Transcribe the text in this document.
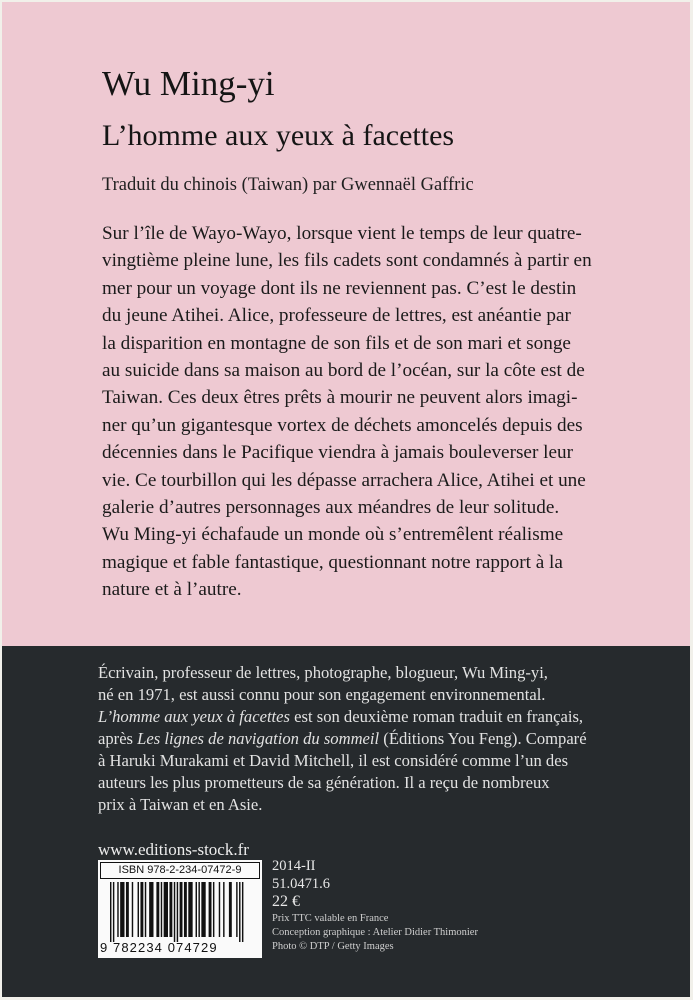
Wu Ming-yi
L’homme aux yeux à facettes
Traduit du chinois (Taiwan) par Gwennaël Gaffric
Sur l’île de Wayo-Wayo, lorsque vient le temps de leur quatre-
vingtième pleine lune, les fils cadets sont condamnés à partir en
mer pour un voyage dont ils ne reviennent pas. C’est le destin
du jeune Atihei. Alice, professeure de lettres, est anéantie par
la disparition en montagne de son fils et de son mari et songe
au suicide dans sa maison au bord de l’océan, sur la côte est de
Taiwan. Ces deux êtres prêts à mourir ne peuvent alors imagi-
ner qu’un gigantesque vortex de déchets amoncelés depuis des
décennies dans le Pacifique viendra à jamais bouleverser leur
vie. Ce tourbillon qui les dépasse arrachera Alice, Atihei et une
galerie d’autres personnages aux méandres de leur solitude.
Wu Ming-yi échafaude un monde où s’entremêlent réalisme
magique et fable fantastique, questionnant notre rapport à la
nature et à l’autre.
Écrivain, professeur de lettres, photographe, blogueur, Wu Ming-yi,
né en 1971, est aussi connu pour son engagement environnemental.
L’homme aux yeux à facettes est son deuxième roman traduit en français,
après Les lignes de navigation du sommeil (Éditions You Feng). Comparé
à Haruki Murakami et David Mitchell, il est considéré comme l’un des
auteurs les plus prometteurs de sa génération. Il a reçu de nombreux
prix à Taiwan et en Asie.
www.editions-stock.fr
ISBN 978-2-234-07472-9
9 782234 074729
2014-II
51.0471.6
22 €
Prix TTC valable en France
Conception graphique : Atelier Didier Thimonier
Photo © DTP / Getty Images
